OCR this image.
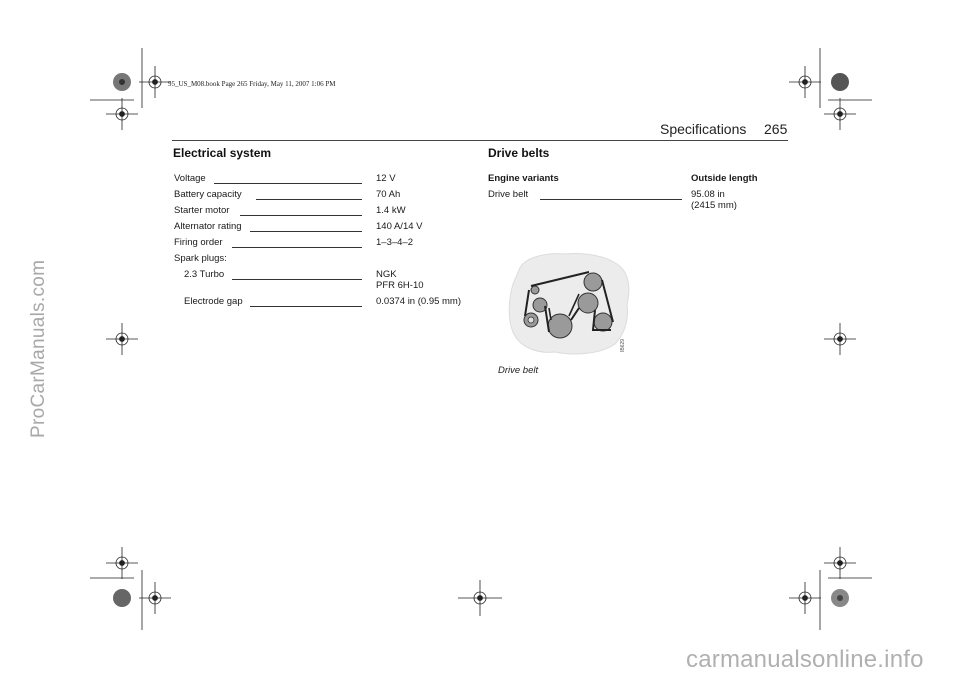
95_US_M08.book Page 265 Friday, May 11, 2007 1:06 PM
Specifications 265
Electrical system
Voltage	12 V
Battery capacity	70 Ah
Starter motor	1.4 kW
Alternator rating	140 A/14 V
Firing order	1–3–4–2
Spark plugs:
2.3 Turbo	NGK
PFR 6H-10
Electrode gap	0.0374 in (0.95 mm)
Drive belts
Engine variants	Outside length
Drive belt	95.08 in
(2415 mm)
IB629
Drive belt
ProCarManuals.com
carmanualsonline.info
